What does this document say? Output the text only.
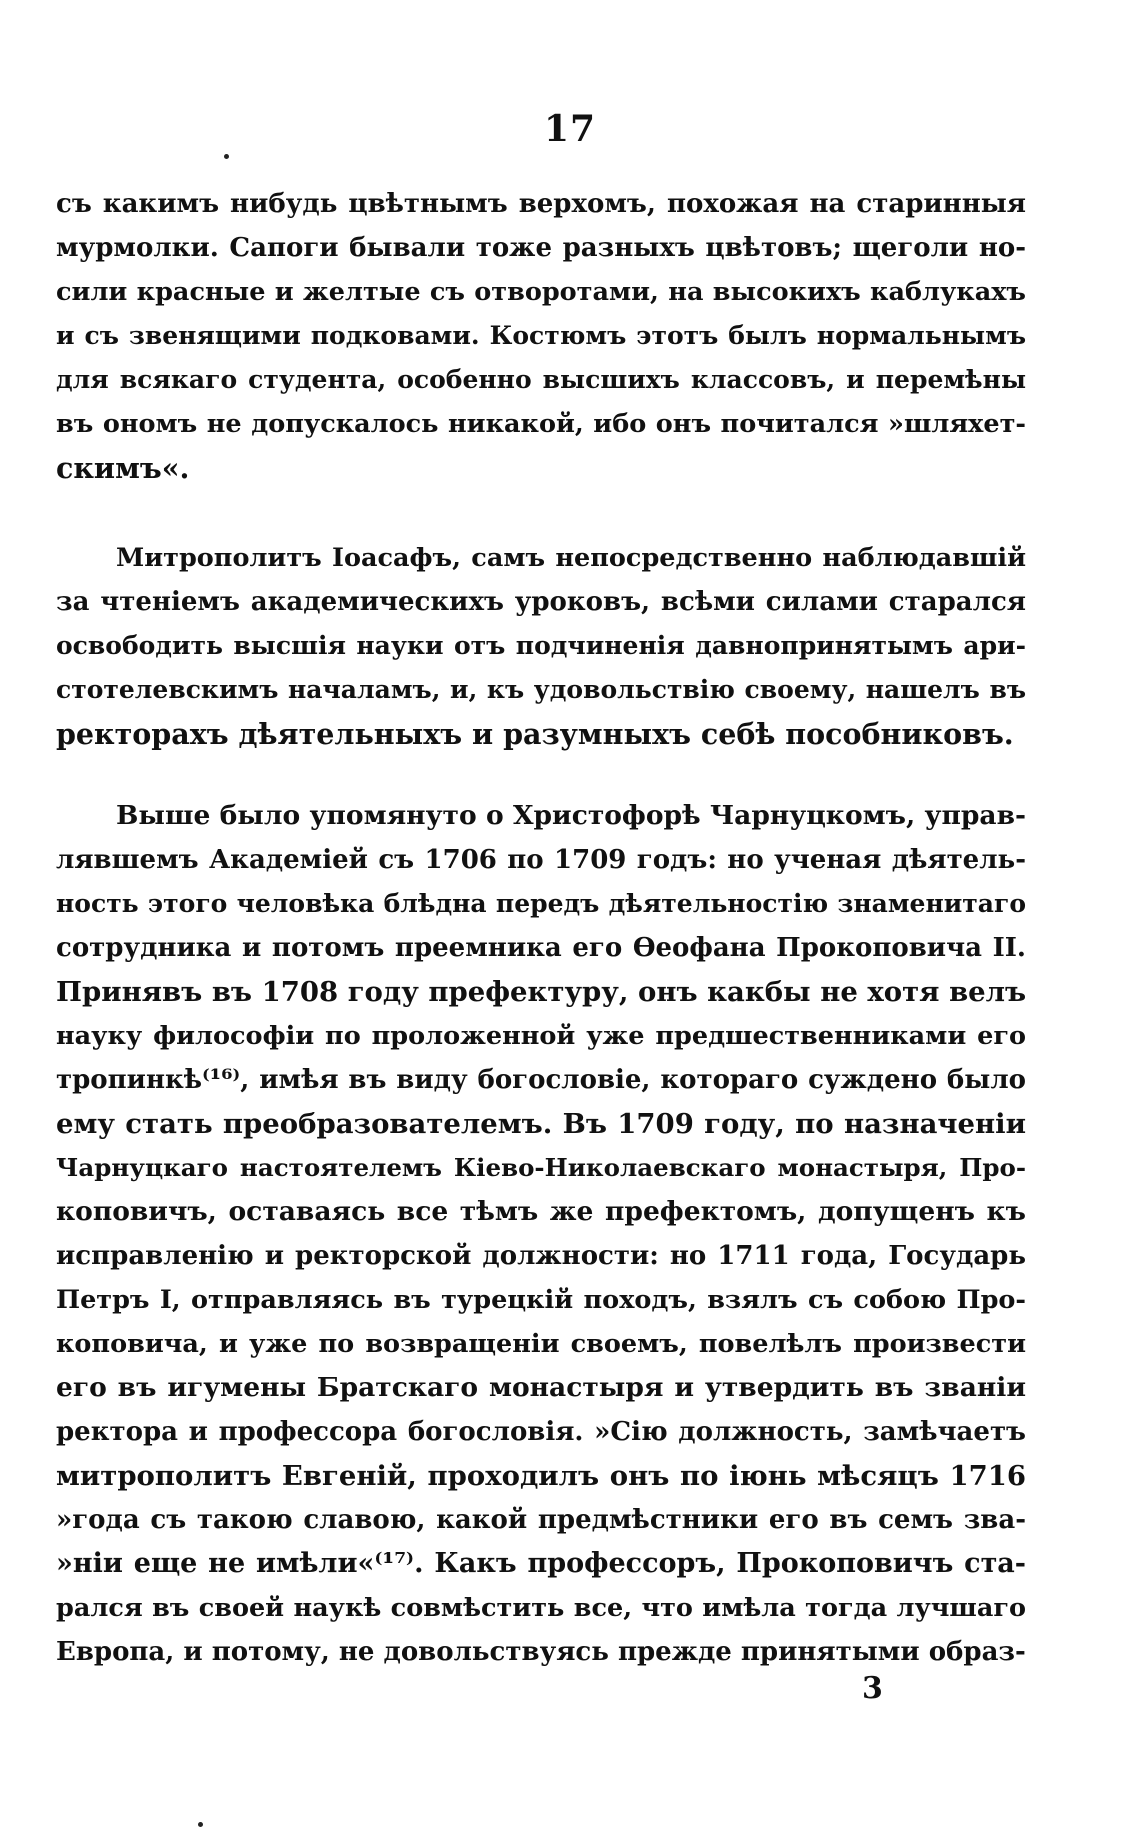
17
съ какимъ нибудь цвѣтнымъ верхомъ, похожая на старинныя
мурмолки. Сапоги бывали тоже разныхъ цвѣтовъ; щеголи но-
сили красные и желтые съ отворотами, на высокихъ каблукахъ
и съ звенящими подковами. Костюмъ этотъ былъ нормальнымъ
для всякаго студента, особенно высшихъ классовъ, и перемѣны
въ ономъ не допускалось никакой, ибо онъ почитался »шляхет-
скимъ«.
Митрополитъ Іоасафъ, самъ непосредственно наблюдавшій
за чтеніемъ академическихъ уроковъ, всѣми силами старался
освободить высшія науки отъ подчиненія давнопринятымъ ари-
стотелевскимъ началамъ, и, къ удовольствію своему, нашелъ въ
ректорахъ дѣятельныхъ и разумныхъ себѣ пособниковъ.
Выше было упомянуто о Христофорѣ Чарнуцкомъ, управ-
лявшемъ Академіей съ 1706 по 1709 годъ: но ученая дѣятель-
ность этого человѣка блѣдна передъ дѣятельностію знаменитаго
сотрудника и потомъ преемника его Ѳеофана Прокоповича II.
Принявъ въ 1708 году префектуру, онъ какбы не хотя велъ
науку философіи по проложенной уже предшественниками его
тропинкѣ⁽¹⁶⁾, имѣя въ виду богословіе, котораго суждено было
ему стать преобразователемъ. Въ 1709 году, по назначеніи
Чарнуцкаго настоятелемъ Кіево-Николаевскаго монастыря, Про-
коповичъ, оставаясь все тѣмъ же префектомъ, допущенъ къ
исправленію и ректорской должности: но 1711 года, Государь
Петръ I, отправляясь въ турецкій походъ, взялъ съ собою Про-
коповича, и уже по возвращеніи своемъ, повелѣлъ произвести
его въ игумены Братскаго монастыря и утвердить въ званіи
ректора и профессора богословія. »Сію должность, замѣчаетъ
митрополитъ Евгеній, проходилъ онъ по іюнь мѣсяцъ 1716
»года съ такою славою, какой предмѣстники его въ семъ зва-
»ніи еще не имѣли«⁽¹⁷⁾. Какъ профессоръ, Прокоповичъ ста-
рался въ своей наукѣ совмѣстить все, что имѣла тогда лучшаго
Европа, и потому, не довольствуясь прежде принятыми образ-
3
